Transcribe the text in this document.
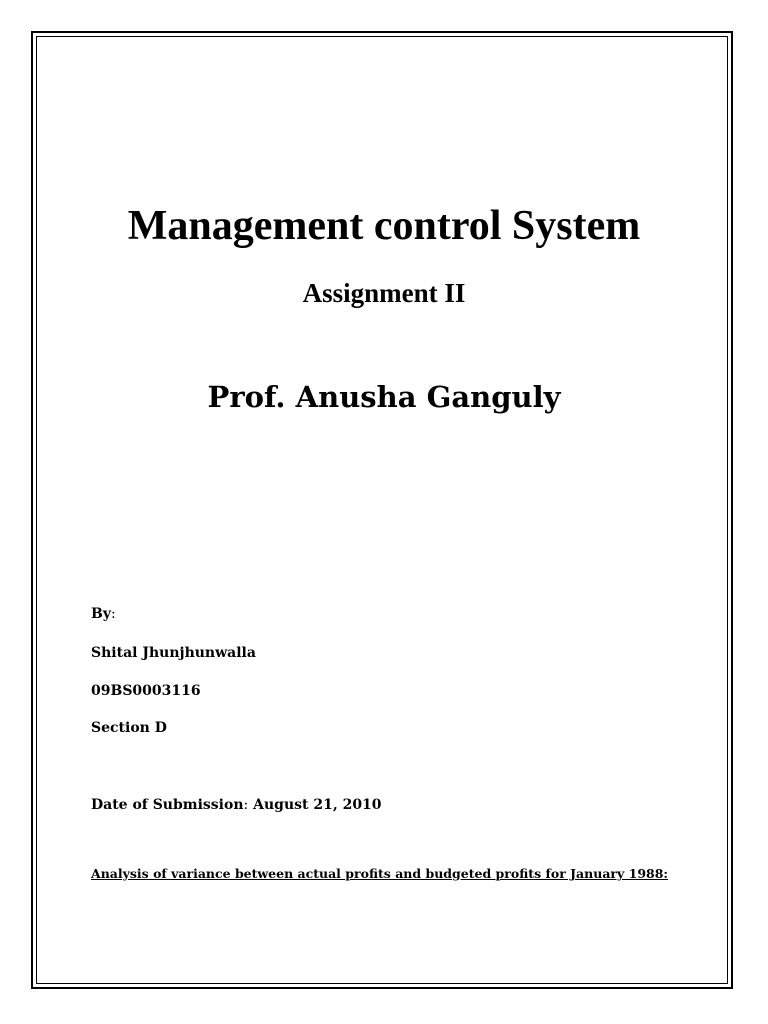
Management control System
Assignment II
Prof. Anusha Ganguly
By:
Shital Jhunjhunwalla
09BS0003116
Section D
Date of Submission: August 21, 2010
Analysis of variance between actual profits and budgeted profits for January 1988:
